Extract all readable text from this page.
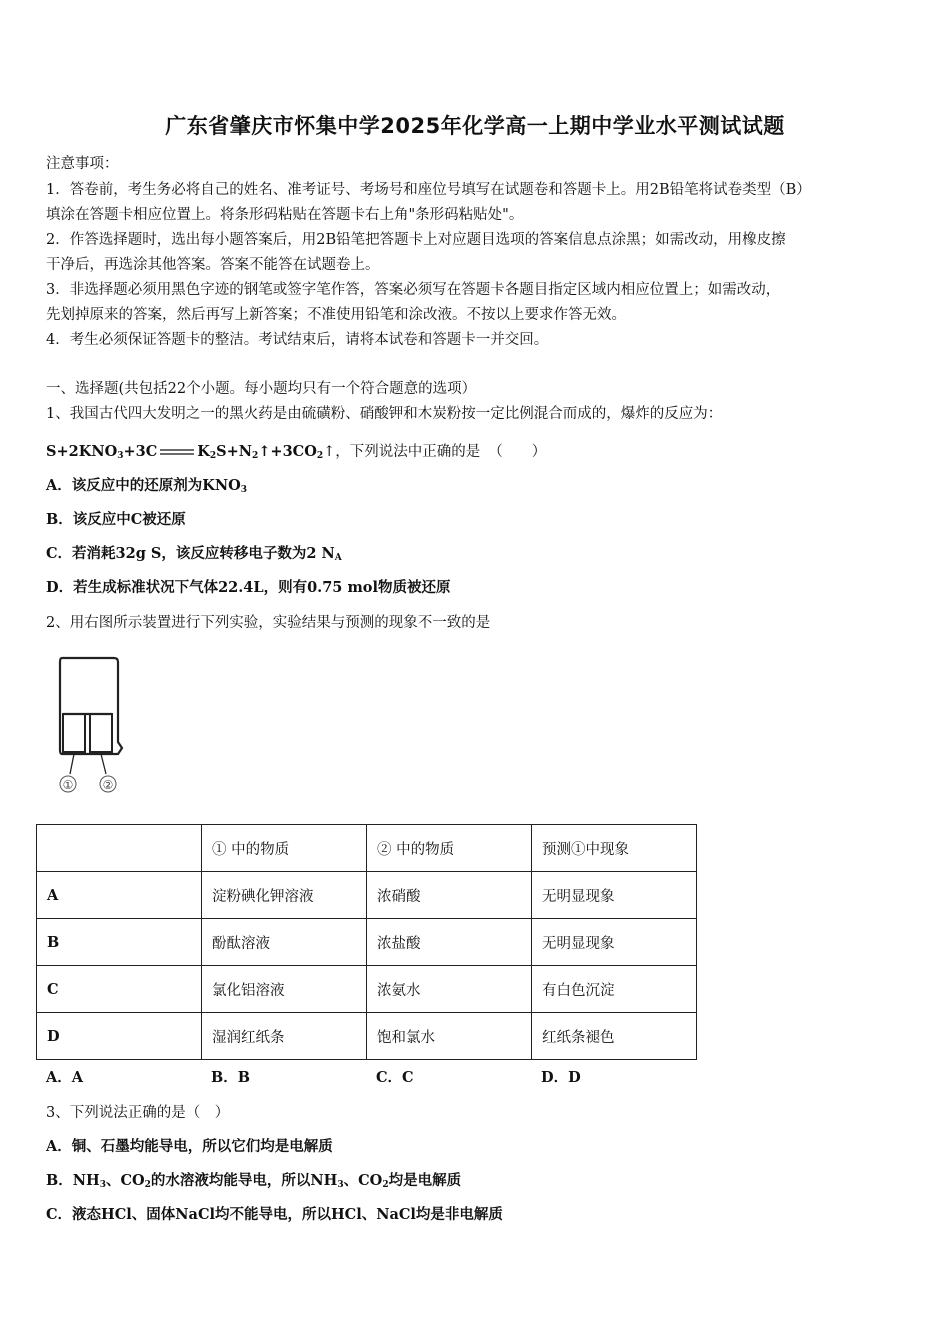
广东省肇庆市怀集中学2025年化学高一上期中学业水平测试试题
注意事项：
1．答卷前，考生务必将自己的姓名、准考证号、考场号和座位号填写在试题卷和答题卡上。用2B铅笔将试卷类型（B）
填涂在答题卡相应位置上。将条形码粘贴在答题卡右上角"条形码粘贴处"。
2．作答选择题时，选出每小题答案后，用2B铅笔把答题卡上对应题目选项的答案信息点涂黑；如需改动，用橡皮擦
干净后，再选涂其他答案。答案不能答在试题卷上。
3．非选择题必须用黑色字迹的钢笔或签字笔作答，答案必须写在答题卡各题目指定区域内相应位置上；如需改动，
先划掉原来的答案，然后再写上新答案；不准使用铅笔和涂改液。不按以上要求作答无效。
4．考生必须保证答题卡的整洁。考试结束后，请将本试卷和答题卡一并交回。
一、选择题(共包括22个小题。每小题均只有一个符合题意的选项）
1、我国古代四大发明之一的黑火药是由硫磺粉、硝酸钾和木炭粉按一定比例混合而成的，爆炸的反应为：
$S+2KNO_3+3C$	$K_2S+N_2↑+3CO_2↑$，下列说法中正确的是 （　　）
A．该反应中的还原剂为$KNO_3$
B．该反应中C被还原
C．若消耗32g S，该反应转移电子数为2 $N_A$
D．若生成标准状况下气体22.4L，则有0.75 mol物质被还原
2、用右图所示装置进行下列实验，实验结果与预测的现象不一致的是
① ②
	① 中的物质	② 中的物质	预测①中现象
A	淀粉碘化钾溶液	浓硝酸	无明显现象
B	酚酞溶液	浓盐酸	无明显现象
C	氯化铝溶液	浓氨水	有白色沉淀
D	湿润红纸条	饱和氯水	红纸条褪色
A．A	B．B	C．C	D．D
3、下列说法正确的是（　）
A．铜、石墨均能导电，所以它们均是电解质
B．$NH_3$、$CO_2$的水溶液均能导电，所以$NH_3$、$CO_2$均是电解质
C．液态HCl、固体NaCl均不能导电，所以HCl、NaCl均是非电解质
